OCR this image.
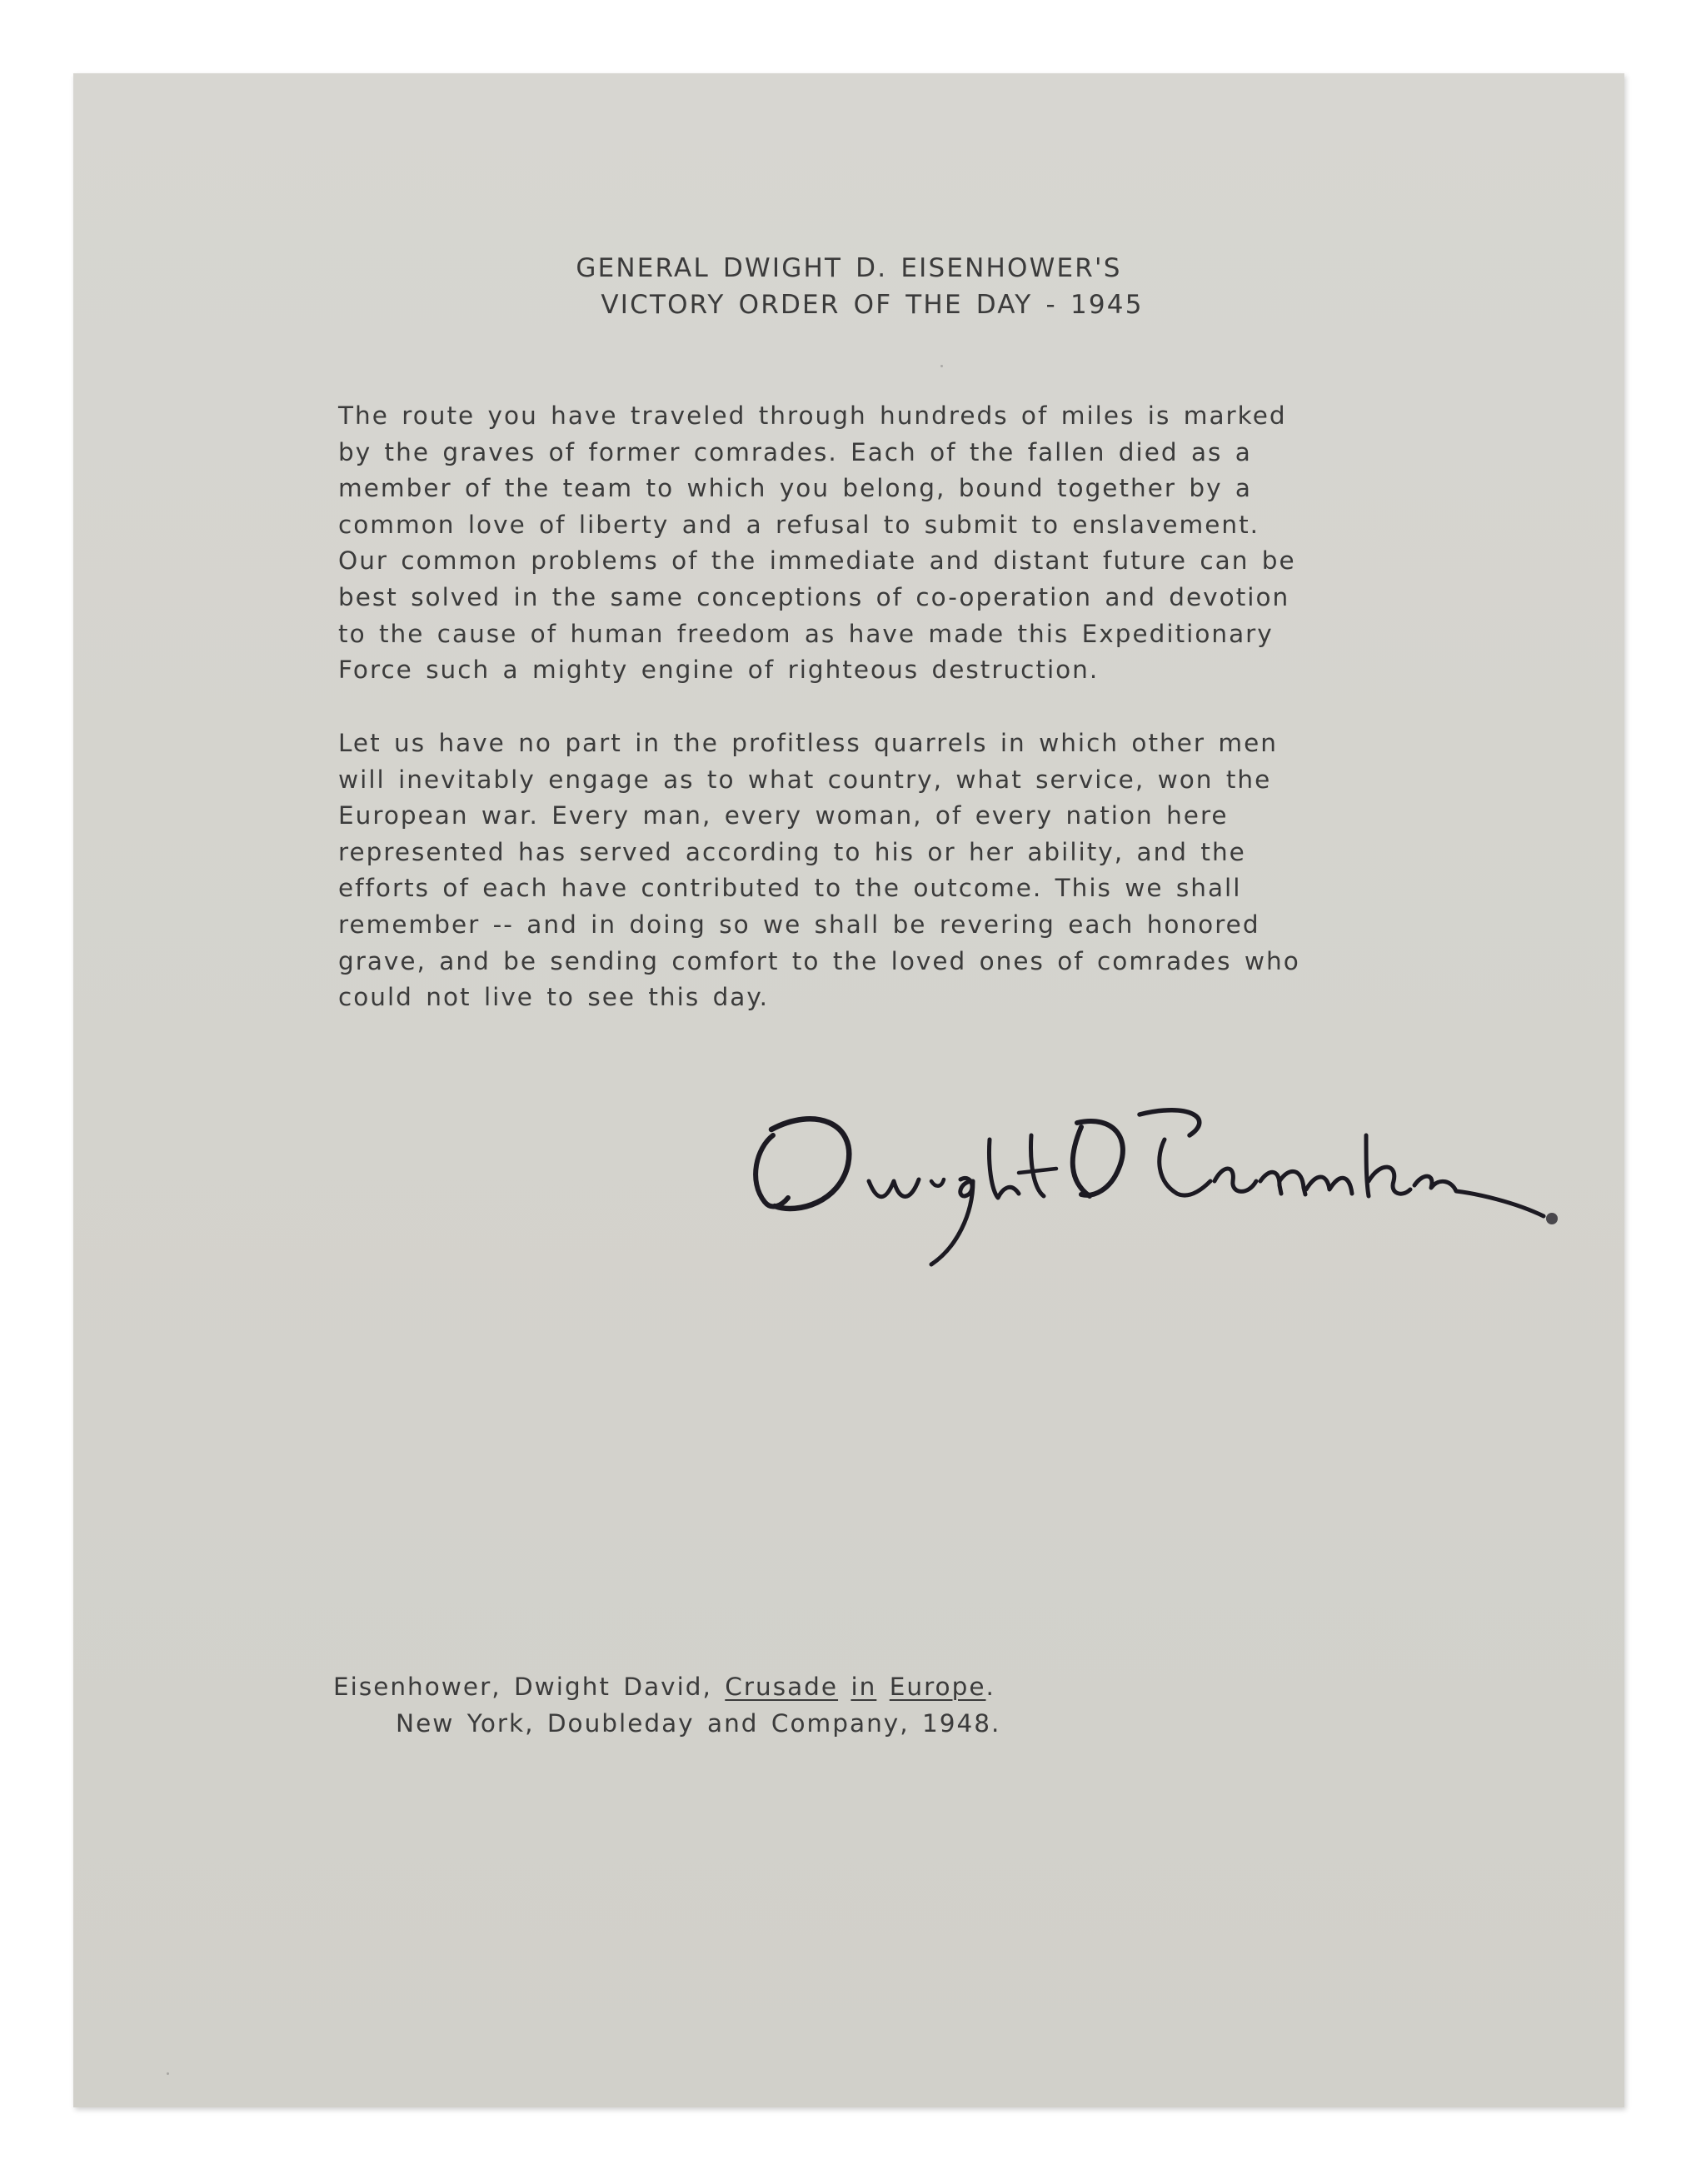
GENERAL DWIGHT D. EISENHOWER'S
VICTORY ORDER OF THE DAY - 1945
The route you have traveled through hundreds of miles is marked
by the graves of former comrades. Each of the fallen died as a
member of the team to which you belong, bound together by a
common love of liberty and a refusal to submit to enslavement.
Our common problems of the immediate and distant future can be
best solved in the same conceptions of co-operation and devotion
to the cause of human freedom as have made this Expeditionary
Force such a mighty engine of righteous destruction.
Let us have no part in the profitless quarrels in which other men
will inevitably engage as to what country, what service, won the
European war. Every man, every woman, of every nation here
represented has served according to his or her ability, and the
efforts of each have contributed to the outcome. This we shall
remember -- and in doing so we shall be revering each honored
grave, and be sending comfort to the loved ones of comrades who
could not live to see this day.
Eisenhower, Dwight David, Crusade in Europe.
New York, Doubleday and Company, 1948.
